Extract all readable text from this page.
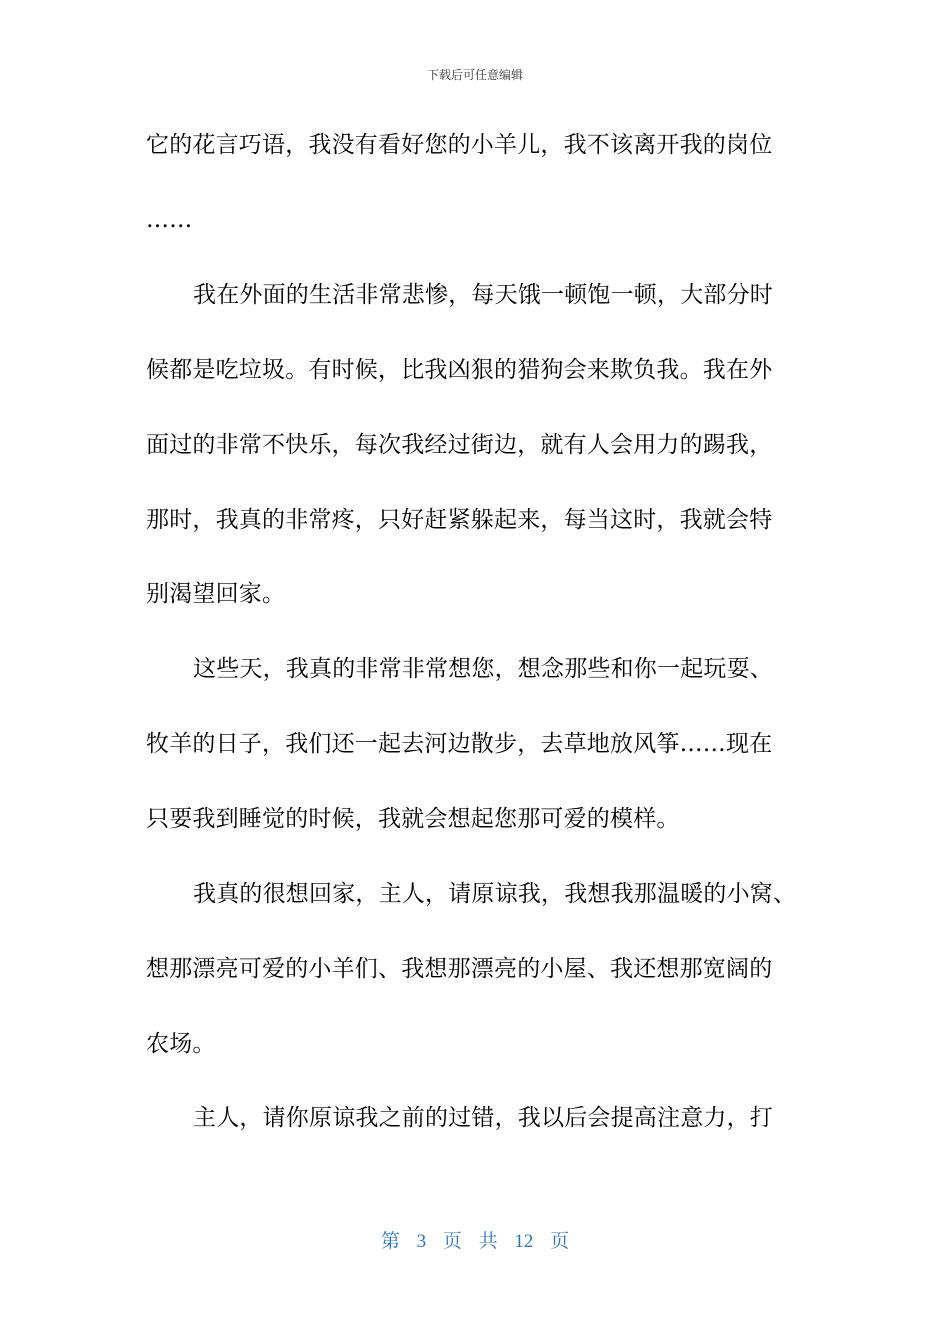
下载后可任意编辑
它的花言巧语，我没有看好您的小羊儿，我不该离开我的岗位
……
我在外面的生活非常悲惨，每天饿一顿饱一顿，大部分时
候都是吃垃圾。有时候，比我凶狠的猎狗会来欺负我。我在外
面过的非常不快乐，每次我经过街边，就有人会用力的踢我，
那时，我真的非常疼，只好赶紧躲起来，每当这时，我就会特
别渴望回家。
这些天，我真的非常非常想您，想念那些和你一起玩耍、
牧羊的日子，我们还一起去河边散步，去草地放风筝……现在
只要我到睡觉的时候，我就会想起您那可爱的模样。
我真的很想回家，主人，请原谅我，我想我那温暖的小窝、
想那漂亮可爱的小羊们、我想那漂亮的小屋、我还想那宽阔的
农场。
主人，请你原谅我之前的过错，我以后会提高注意力，打
第 3 页 共 12 页
